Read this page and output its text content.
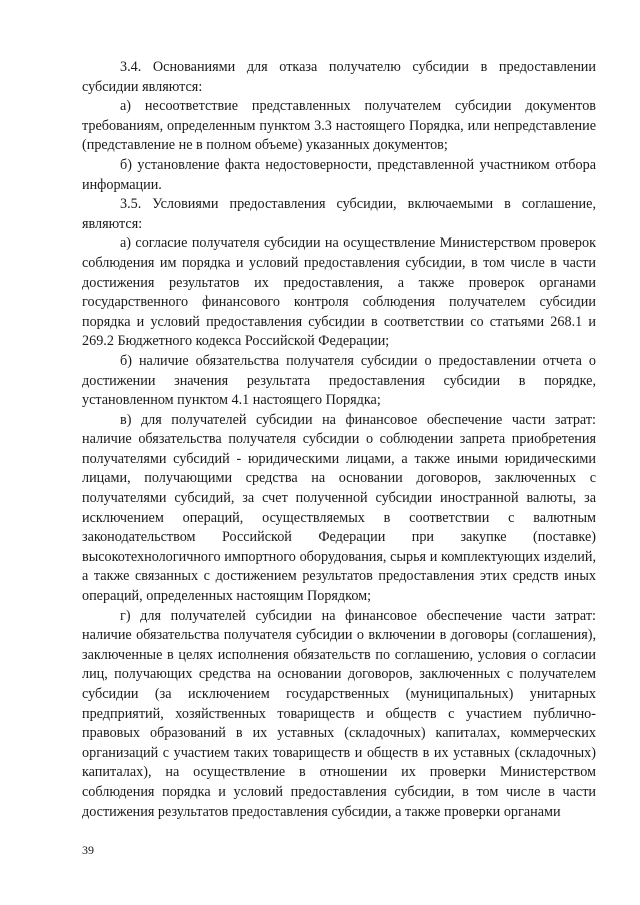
3.4. Основаниями для отказа получателю субсидии в предоставлении субсидии являются:

а) несоответствие представленных получателем субсидии документов требованиям, определенным пунктом 3.3 настоящего Порядка, или непредставление (представление не в полном объеме) указанных документов;

б) установление факта недостоверности, представленной участником отбора информации.

3.5. Условиями предоставления субсидии, включаемыми в соглашение, являются:

а) согласие получателя субсидии на осуществление Министерством проверок соблюдения им порядка и условий предоставления субсидии, в том числе в части достижения результатов их предоставления, а также проверок органами государственного финансового контроля соблюдения получателем субсидии порядка и условий предоставления субсидии в соответствии со статьями 268.1 и 269.2 Бюджетного кодекса Российской Федерации;

б) наличие обязательства получателя субсидии о предоставлении отчета о достижении значения результата предоставления субсидии в порядке, установленном пунктом 4.1 настоящего Порядка;

в) для получателей субсидии на финансовое обеспечение части затрат: наличие обязательства получателя субсидии о соблюдении запрета приобретения получателями субсидий - юридическими лицами, а также иными юридическими лицами, получающими средства на основании договоров, заключенных с получателями субсидий, за счет полученной субсидии иностранной валюты, за исключением операций, осуществляемых в соответствии с валютным законодательством Российской Федерации при закупке (поставке) высокотехнологичного импортного оборудования, сырья и комплектующих изделий, а также связанных с достижением результатов предоставления этих средств иных операций, определенных настоящим Порядком;

г) для получателей субсидии на финансовое обеспечение части затрат: наличие обязательства получателя субсидии о включении в договоры (соглашения), заключенные в целях исполнения обязательств по соглашению, условия о согласии лиц, получающих средства на основании договоров, заключенных с получателем субсидии (за исключением государственных (муниципальных) унитарных предприятий, хозяйственных товариществ и обществ с участием публично-правовых образований в их уставных (складочных) капиталах, коммерческих организаций с участием таких товариществ и обществ в их уставных (складочных) капиталах), на осуществление в отношении их проверки Министерством соблюдения порядка и условий предоставления субсидии, в том числе в части достижения результатов предоставления субсидии, а также проверки органами

39
